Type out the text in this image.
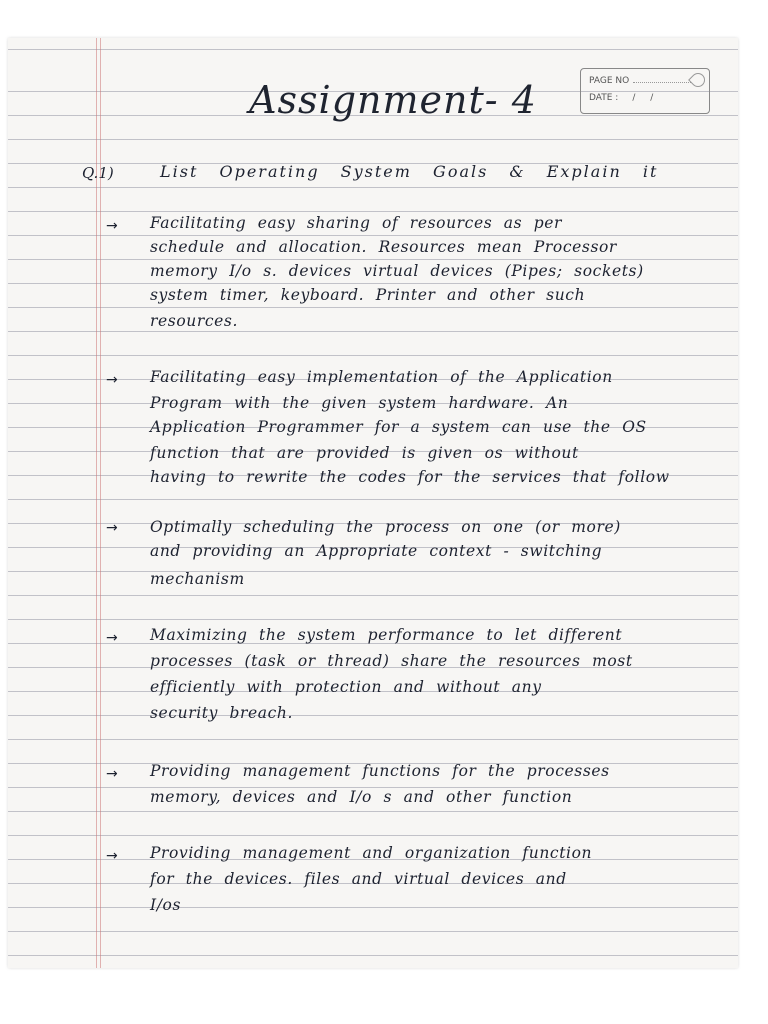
PAGE NO
DATE : / /
Assignment- 4
Q.1)	List Operating System Goals & Explain it
→ Facilitating easy sharing of resources as per
schedule and allocation. Resources mean Processor
memory I/o s. devices virtual devices (Pipes; sockets)
system timer, keyboard. Printer and other such
resources.
→ Facilitating easy implementation of the Application
Program with the given system hardware. An
Application Programmer for a system can use the OS
function that are provided is given os without
having to rewrite the codes for the services that follow
→ Optimally scheduling the process on one (or more)
and providing an Appropriate context - switching
mechanism
→ Maximizing the system performance to let different
processes (task or thread) share the resources most
efficiently with protection and without any
security breach.
→ Providing management functions for the processes
memory, devices and I/o s and other function
→ Providing management and organization function
for the devices. files and virtual devices and
I/os
